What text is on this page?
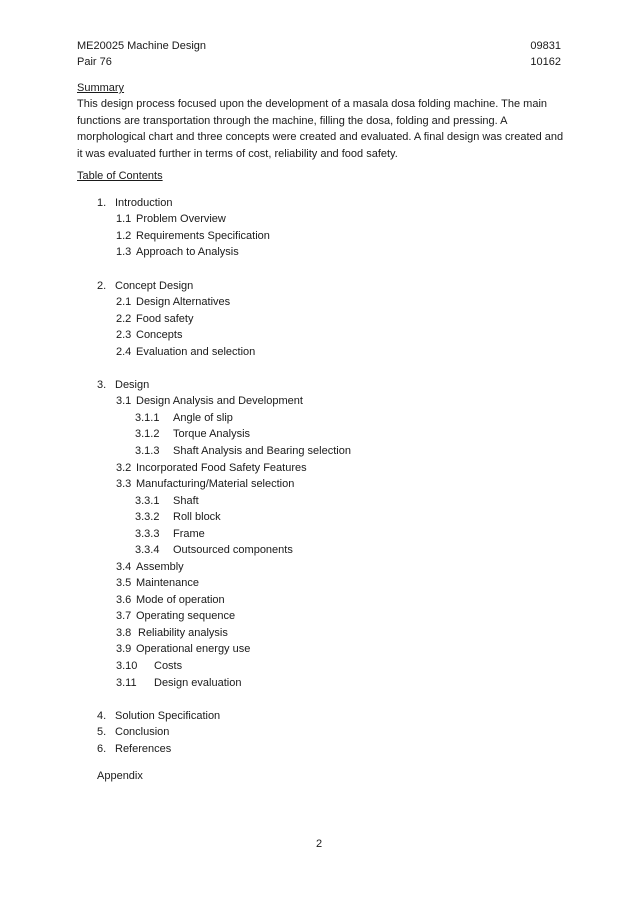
ME20025 Machine Design
Pair 76
09831
10162
Summary
This design process focused upon the development of a masala dosa folding machine. The main functions are transportation through the machine, filling the dosa, folding and pressing. A morphological chart and three concepts were created and evaluated. A final design was created and it was evaluated further in terms of cost, reliability and food safety.
Table of Contents
1. Introduction
1.1 Problem Overview
1.2 Requirements Specification
1.3 Approach to Analysis
2. Concept Design
2.1 Design Alternatives
2.2 Food safety
2.3 Concepts
2.4 Evaluation and selection
3. Design
3.1 Design Analysis and Development
3.1.1 Angle of slip
3.1.2 Torque Analysis
3.1.3 Shaft Analysis and Bearing selection
3.2 Incorporated Food Safety Features
3.3 Manufacturing/Material selection
3.3.1 Shaft
3.3.2 Roll block
3.3.3 Frame
3.3.4 Outsourced components
3.4 Assembly
3.5 Maintenance
3.6 Mode of operation
3.7 Operating sequence
3.8 Reliability analysis
3.9 Operational energy use
3.10 Costs
3.11 Design evaluation
4. Solution Specification
5. Conclusion
6. References
Appendix
2
